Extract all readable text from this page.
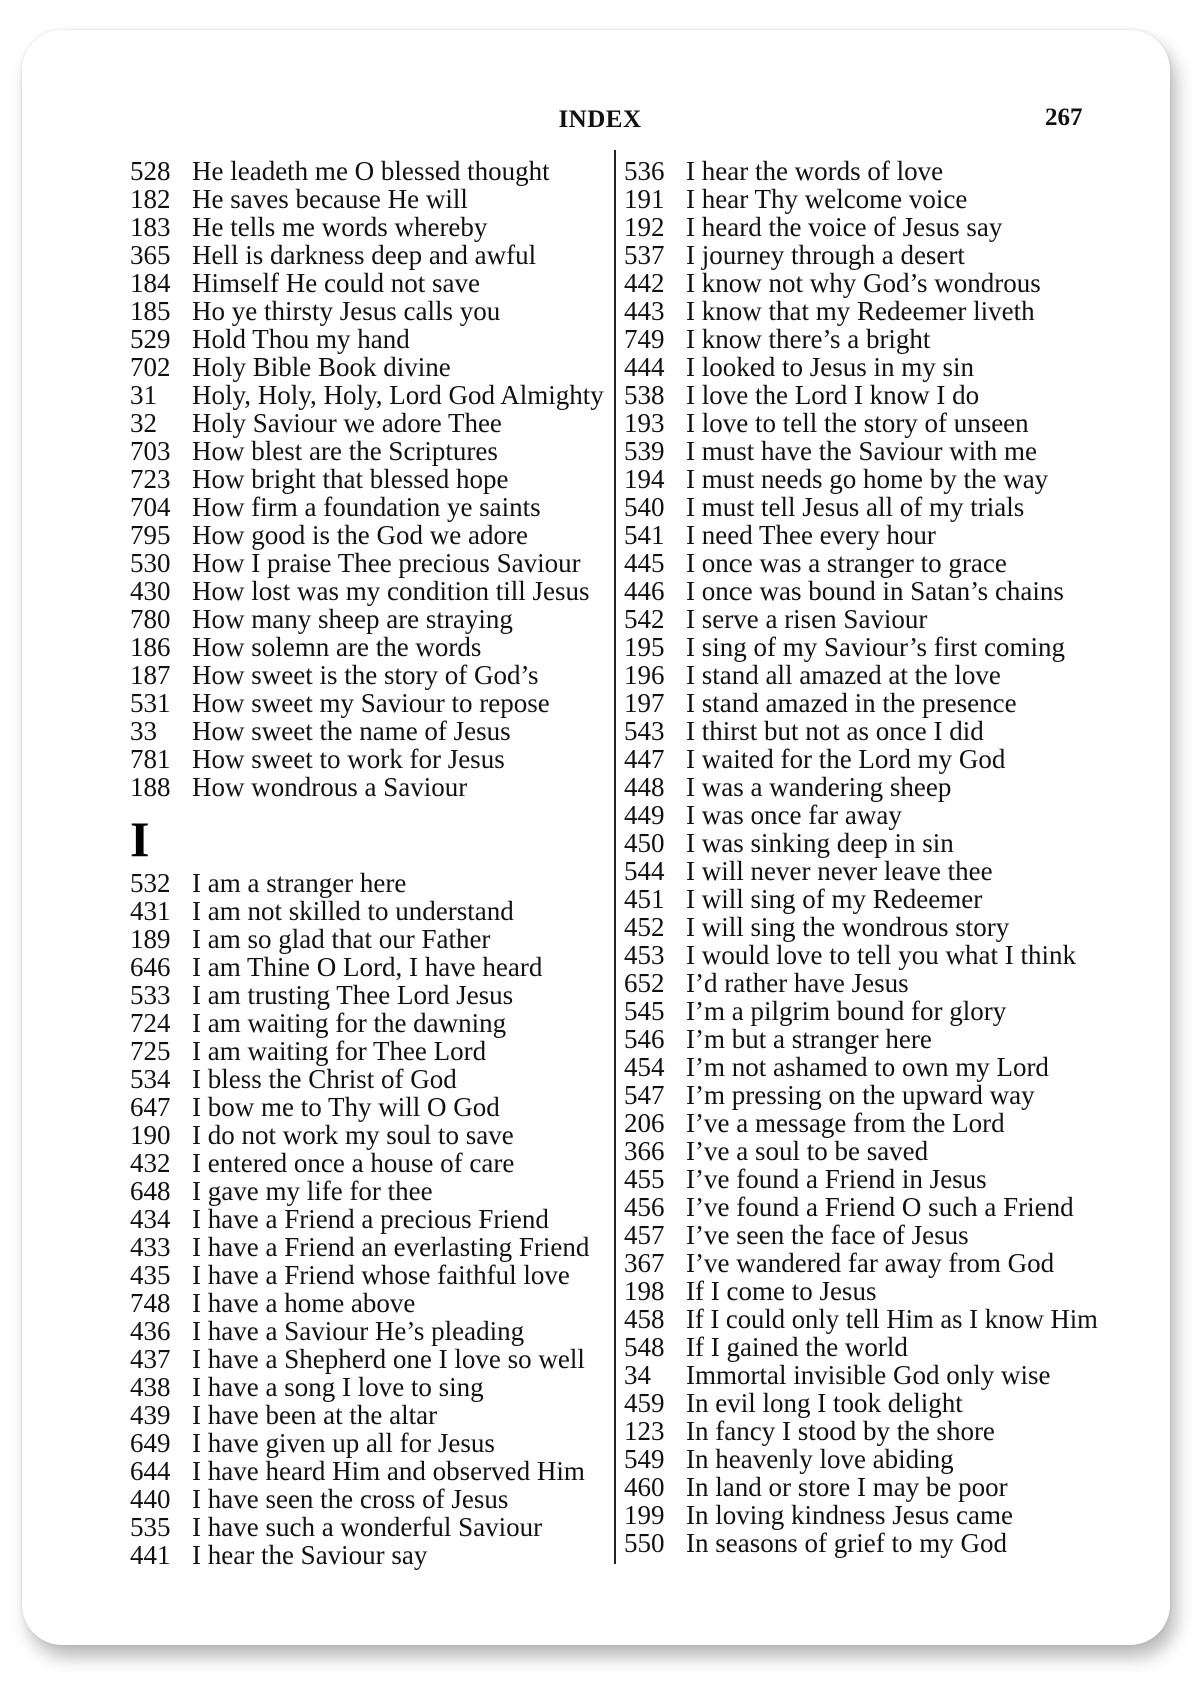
INDEX	267
528 He leadeth me O blessed thought
182 He saves because He will
183 He tells me words whereby
365 Hell is darkness deep and awful
184 Himself He could not save
185 Ho ye thirsty Jesus calls you
529 Hold Thou my hand
702 Holy Bible Book divine
31	Holy, Holy, Holy, Lord God Almighty
32	Holy Saviour we adore Thee
703 How blest are the Scriptures
723 How bright that blessed hope
704 How firm a foundation ye saints
795 How good is the God we adore
530 How I praise Thee precious Saviour
430 How lost was my condition till Jesus
780 How many sheep are straying
186 How solemn are the words
187 How sweet is the story of God’s
531 How sweet my Saviour to repose
33	How sweet the name of Jesus
781 How sweet to work for Jesus
188 How wondrous a Saviour
I
532 I am a stranger here
431 I am not skilled to understand
189 I am so glad that our Father
646 I am Thine O Lord, I have heard
533 I am trusting Thee Lord Jesus
724 I am waiting for the dawning
725 I am waiting for Thee Lord
534 I bless the Christ of God
647 I bow me to Thy will O God
190 I do not work my soul to save
432 I entered once a house of care
648 I gave my life for thee
434 I have a Friend a precious Friend
433 I have a Friend an everlasting Friend
435 I have a Friend whose faithful love
748 I have a home above
436 I have a Saviour He’s pleading
437 I have a Shepherd one I love so well
438 I have a song I love to sing
439 I have been at the altar
649 I have given up all for Jesus
644 I have heard Him and observed Him
440 I have seen the cross of Jesus
535 I have such a wonderful Saviour
441 I hear the Saviour say
536 I hear the words of love
191 I hear Thy welcome voice
192 I heard the voice of Jesus say
537 I journey through a desert
442 I know not why God’s wondrous
443 I know that my Redeemer liveth
749 I know there’s a bright
444 I looked to Jesus in my sin
538 I love the Lord I know I do
193 I love to tell the story of unseen
539 I must have the Saviour with me
194 I must needs go home by the way
540 I must tell Jesus all of my trials
541 I need Thee every hour
445 I once was a stranger to grace
446 I once was bound in Satan’s chains
542 I serve a risen Saviour
195 I sing of my Saviour’s first coming
196 I stand all amazed at the love
197 I stand amazed in the presence
543 I thirst but not as once I did
447 I waited for the Lord my God
448 I was a wandering sheep
449 I was once far away
450 I was sinking deep in sin
544 I will never never leave thee
451 I will sing of my Redeemer
452 I will sing the wondrous story
453 I would love to tell you what I think
652 I’d rather have Jesus
545 I’m a pilgrim bound for glory
546 I’m but a stranger here
454 I’m not ashamed to own my Lord
547 I’m pressing on the upward way
206 I’ve a message from the Lord
366 I’ve a soul to be saved
455 I’ve found a Friend in Jesus
456 I’ve found a Friend O such a Friend
457 I’ve seen the face of Jesus
367 I’ve wandered far away from God
198 If I come to Jesus
458 If I could only tell Him as I know Him
548 If I gained the world
34	Immortal invisible God only wise
459 In evil long I took delight
123 In fancy I stood by the shore
549 In heavenly love abiding
460 In land or store I may be poor
199 In loving kindness Jesus came
550 In seasons of grief to my God
